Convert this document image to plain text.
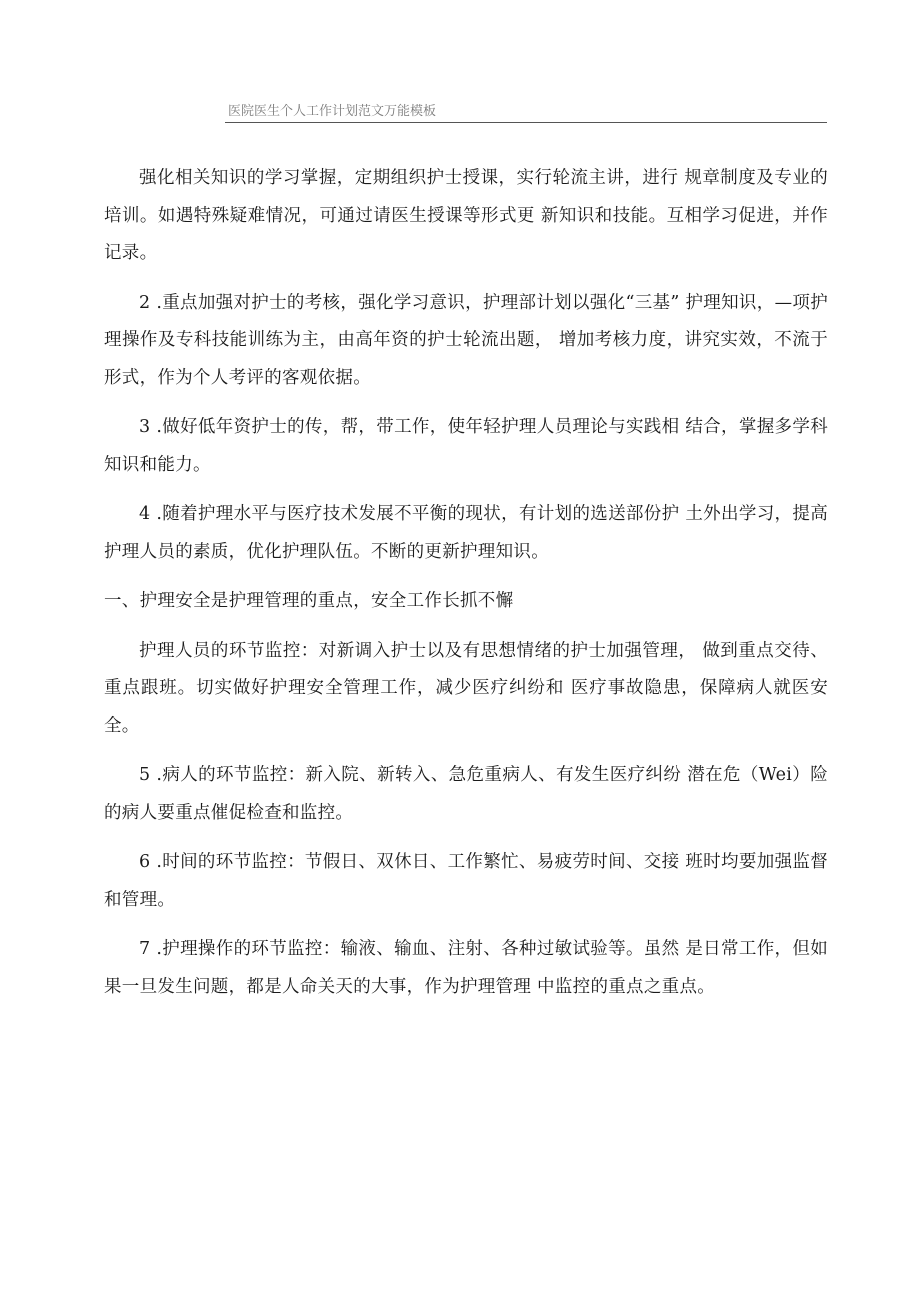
医院医生个人工作计划范文万能模板

强化相关知识的学习掌握，定期组织护士授课，实行轮流主讲，进行 规章制度及专业的培训。如遇特殊疑难情况，可通过请医生授课等形式更 新知识和技能。互相学习促进，并作记录。

2 .重点加强对护士的考核，强化学习意识，护理部计划以强化“三基” 护理知识，—项护理操作及专科技能训练为主，由高年资的护士轮流出题， 增加考核力度，讲究实效，不流于形式，作为个人考评的客观依据。

3 .做好低年资护士的传，帮，带工作，使年轻护理人员理论与实践相 结合，掌握多学科知识和能力。

4 .随着护理水平与医疗技术发展不平衡的现状，有计划的选送部份护 土外出学习，提高护理人员的素质，优化护理队伍。不断的更新护理知识。

一、护理安全是护理管理的重点，安全工作长抓不懈

护理人员的环节监控：对新调入护士以及有思想情绪的护士加强管理， 做到重点交待、重点跟班。切实做好护理安全管理工作，减少医疗纠纷和 医疗事故隐患，保障病人就医安全。

5 .病人的环节监控：新入院、新转入、急危重病人、有发生医疗纠纷 潜在危（Wei）险的病人要重点催促检查和监控。

6 .时间的环节监控：节假日、双休日、工作繁忙、易疲劳时间、交接 班时均要加强监督和管理。

7 .护理操作的环节监控：输液、输血、注射、各种过敏试验等。虽然 是日常工作，但如果一旦发生问题，都是人命关天的大事，作为护理管理 中监控的重点之重点。
